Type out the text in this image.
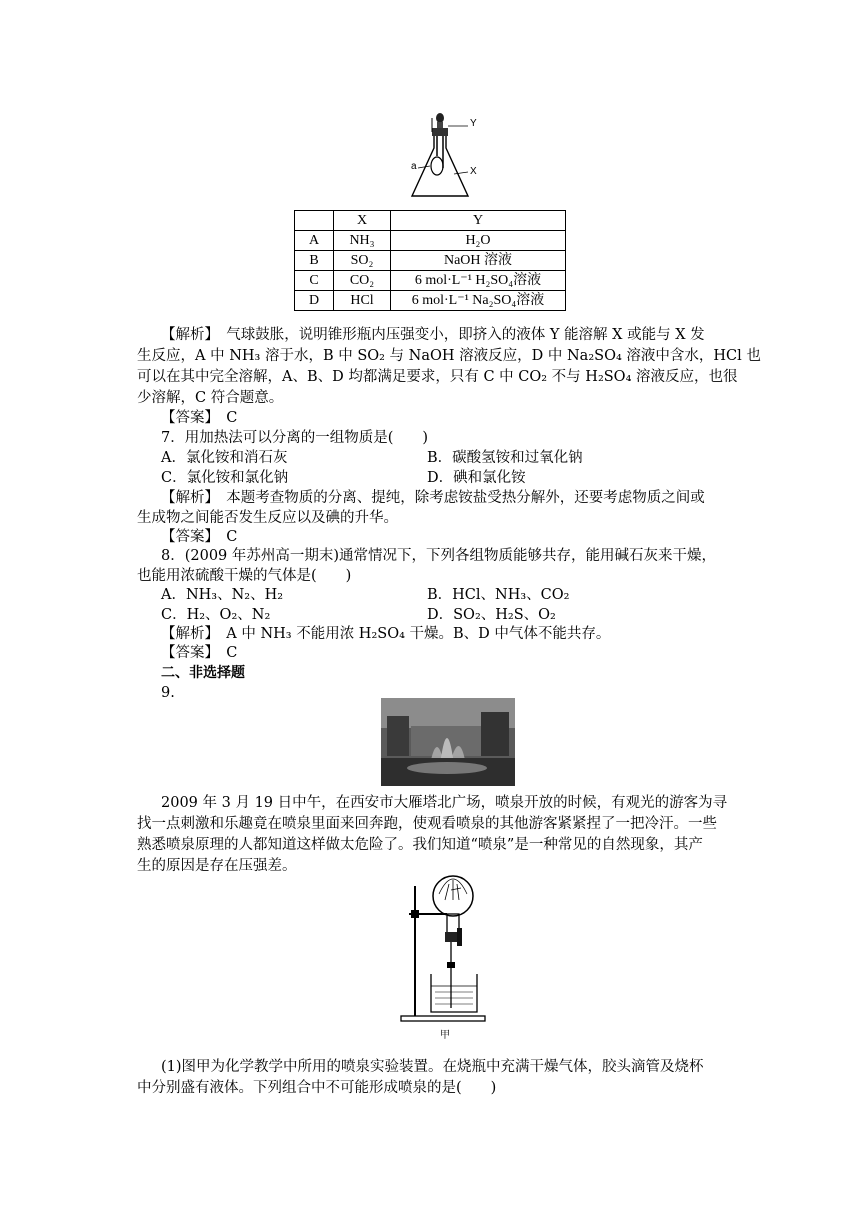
Y
a	X
	X	Y
A	NH₃	H₂O
B	SO₂	NaOH 溶液
C	CO₂	6 mol·L⁻¹ H₂SO₄溶液
D	HCl	6 mol·L⁻¹ Na₂SO₄溶液
【解析】　气球鼓胀，说明锥形瓶内压强变小，即挤入的液体 Y 能溶解 X 或能与 X 发
生反应，A 中 NH₃ 溶于水，B 中 SO₂ 与 NaOH 溶液反应，D 中 Na₂SO₄ 溶液中含水，HCl 也
可以在其中完全溶解，A、B、D 均都满足要求，只有 C 中 CO₂ 不与 H₂SO₄ 溶液反应，也很
少溶解，C 符合题意。
【答案】　C
7．用加热法可以分离的一组物质是(　　)
A．氯化铵和消石灰	B．碳酸氢铵和过氧化钠
C．氯化铵和氯化钠	D．碘和氯化铵
【解析】　本题考查物质的分离、提纯，除考虑铵盐受热分解外，还要考虑物质之间或
生成物之间能否发生反应以及碘的升华。
【答案】　C
8．(2009 年苏州高一期末)通常情况下，下列各组物质能够共存，能用碱石灰来干燥，
也能用浓硫酸干燥的气体是(　　)
A．NH₃、N₂、H₂	B．HCl、NH₃、CO₂
C．H₂、O₂、N₂	D．SO₂、H₂S、O₂
【解析】　A 中 NH₃ 不能用浓 H₂SO₄ 干燥。B、D 中气体不能共存。
【答案】　C
二、非选择题
9.
2009 年 3 月 19 日中午，在西安市大雁塔北广场，喷泉开放的时候，有观光的游客为寻
找一点刺激和乐趣竟在喷泉里面来回奔跑，使观看喷泉的其他游客紧紧捏了一把冷汗。一些
熟悉喷泉原理的人都知道这样做太危险了。我们知道“喷泉”是一种常见的自然现象，其产
生的原因是存在压强差。
甲
(1)图甲为化学教学中所用的喷泉实验装置。在烧瓶中充满干燥气体，胶头滴管及烧杯
中分别盛有液体。下列组合中不可能形成喷泉的是(　　)
